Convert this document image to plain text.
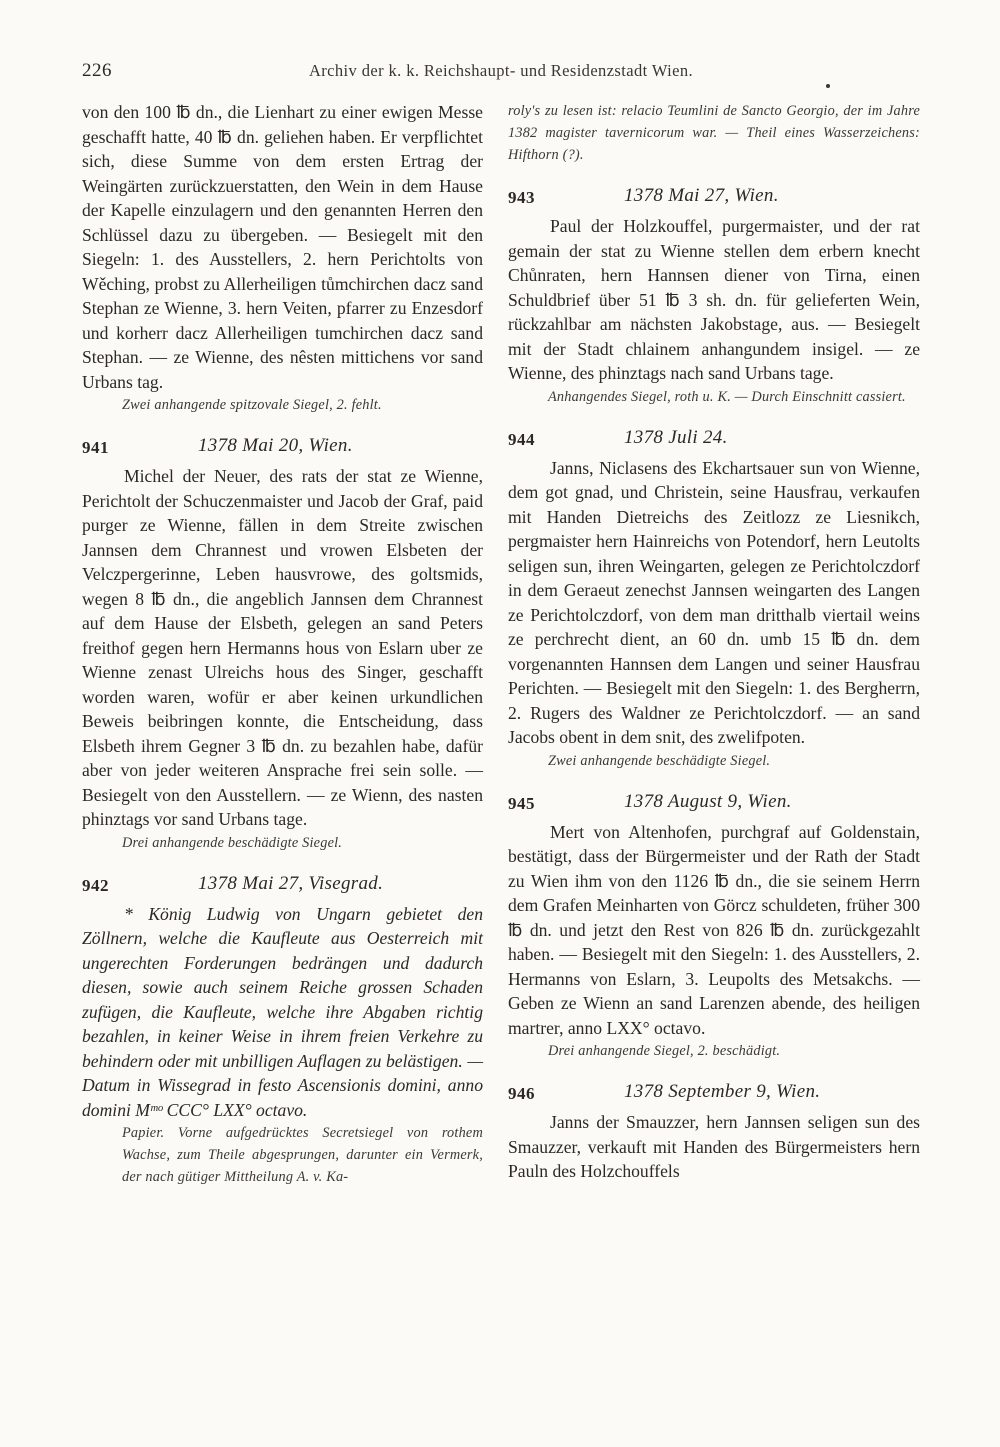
226	Archiv der k. k. Reichshaupt- und Residenzstadt Wien.

von den 100 ℔ dn., die Lienhart zu einer ewigen Messe geschafft hatte, 40 ℔ dn. geliehen haben. Er verpflichtet sich, diese Summe von dem ersten Ertrag der Weingärten zurückzuerstatten, den Wein in dem Hause der Kapelle einzulagern und den genannten Herren den Schlüssel dazu zu übergeben. — Besiegelt mit den Siegeln: 1. des Ausstellers, 2. hern Perichtolts von Wěching, probst zu Allerheiligen tůmchirchen dacz sand Stephan ze Wienne, 3. hern Veiten, pfarrer zu Enzesdorf und korherr dacz Allerheiligen tumchirchen dacz sand Stephan. — ze Wienne, des nêsten mittichens vor sand Urbans tag.

Zwei anhangende spitzovale Siegel, 2. fehlt.

941	1378 Mai 20, Wien.

Michel der Neuer, des rats der stat ze Wienne, Perichtolt der Schuczenmaister und Jacob der Graf, paid purger ze Wienne, fällen in dem Streite zwischen Jannsen dem Chrannest und vrowen Elsbeten der Velczpergerinne, Leben hausvrowe, des goltsmids, wegen 8 ℔ dn., die angeblich Jannsen dem Chrannest auf dem Hause der Elsbeth, gelegen an sand Peters freithof gegen hern Hermanns hous von Eslarn uber ze Wienne zenast Ulreichs hous des Singer, geschafft worden waren, wofür er aber keinen urkundlichen Beweis beibringen konnte, die Entscheidung, dass Elsbeth ihrem Gegner 3 ℔ dn. zu bezahlen habe, dafür aber von jeder weiteren Ansprache frei sein solle. — Besiegelt von den Ausstellern. — ze Wienn, des nasten phinztags vor sand Urbans tage.

Drei anhangende beschädigte Siegel.

942	1378 Mai 27, Visegrad.

* König Ludwig von Ungarn gebietet den Zöllnern, welche die Kaufleute aus Oesterreich mit ungerechten Forderungen bedrängen und dadurch diesen, sowie auch seinem Reiche grossen Schaden zufügen, die Kaufleute, welche ihre Abgaben richtig bezahlen, in keiner Weise in ihrem freien Verkehre zu behindern oder mit unbilligen Auflagen zu belästigen. — Datum in Wissegrad in festo Ascensionis domini, anno domini Mᵐᵒ CCC° LXX° octavo.

Papier. Vorne aufgedrücktes Secretsiegel von rothem Wachse, zum Theile abgesprungen, darunter ein Vermerk, der nach gütiger Mittheilung A. v. Ka-

roly's zu lesen ist: relacio Teumlini de Sancto Georgio, der im Jahre 1382 magister tavernicorum war. — Theil eines Wasserzeichens: Hifthorn (?).

943	1378 Mai 27, Wien.

Paul der Holzkouffel, purgermaister, und der rat gemain der stat zu Wienne stellen dem erbern knecht Chůnraten, hern Hannsen diener von Tirna, einen Schuldbrief über 51 ℔ 3 sh. dn. für gelieferten Wein, rückzahlbar am nächsten Jakobstage, aus. — Besiegelt mit der Stadt chlainem anhangundem insigel. — ze Wienne, des phinztags nach sand Urbans tage.

Anhangendes Siegel, roth u. K. — Durch Einschnitt cassiert.

944	1378 Juli 24.

Janns, Niclasens des Ekchartsauer sun von Wienne, dem got gnad, und Christein, seine Hausfrau, verkaufen mit Handen Dietreichs des Zeitlozz ze Liesnikch, pergmaister hern Hainreichs von Potendorf, hern Leutolts seligen sun, ihren Weingarten, gelegen ze Perichtolczdorf in dem Geraeut zenechst Jannsen weingarten des Langen ze Perichtolczdorf, von dem man dritthalb viertail weins ze perchrecht dient, an 60 dn. umb 15 ℔ dn. dem vorgenannten Hannsen dem Langen und seiner Hausfrau Perichten. — Besiegelt mit den Siegeln: 1. des Bergherrn, 2. Rugers des Waldner ze Perichtolczdorf. — an sand Jacobs obent in dem snit, des zwelifpoten.

Zwei anhangende beschädigte Siegel.

945	1378 August 9, Wien.

Mert von Altenhofen, purchgraf auf Goldenstain, bestätigt, dass der Bürgermeister und der Rath der Stadt zu Wien ihm von den 1126 ℔ dn., die sie seinem Herrn dem Grafen Meinharten von Görcz schuldeten, früher 300 ℔ dn. und jetzt den Rest von 826 ℔ dn. zurückgezahlt haben. — Besiegelt mit den Siegeln: 1. des Ausstellers, 2. Hermanns von Eslarn, 3. Leupolts des Metsakchs. — Geben ze Wienn an sand Larenzen abende, des heiligen martrer, anno LXX° octavo.

Drei anhangende Siegel, 2. beschädigt.

946	1378 September 9, Wien.

Janns der Smauzzer, hern Jannsen seligen sun des Smauzzer, verkauft mit Handen des Bürgermeisters hern Pauln des Holzchouffels
